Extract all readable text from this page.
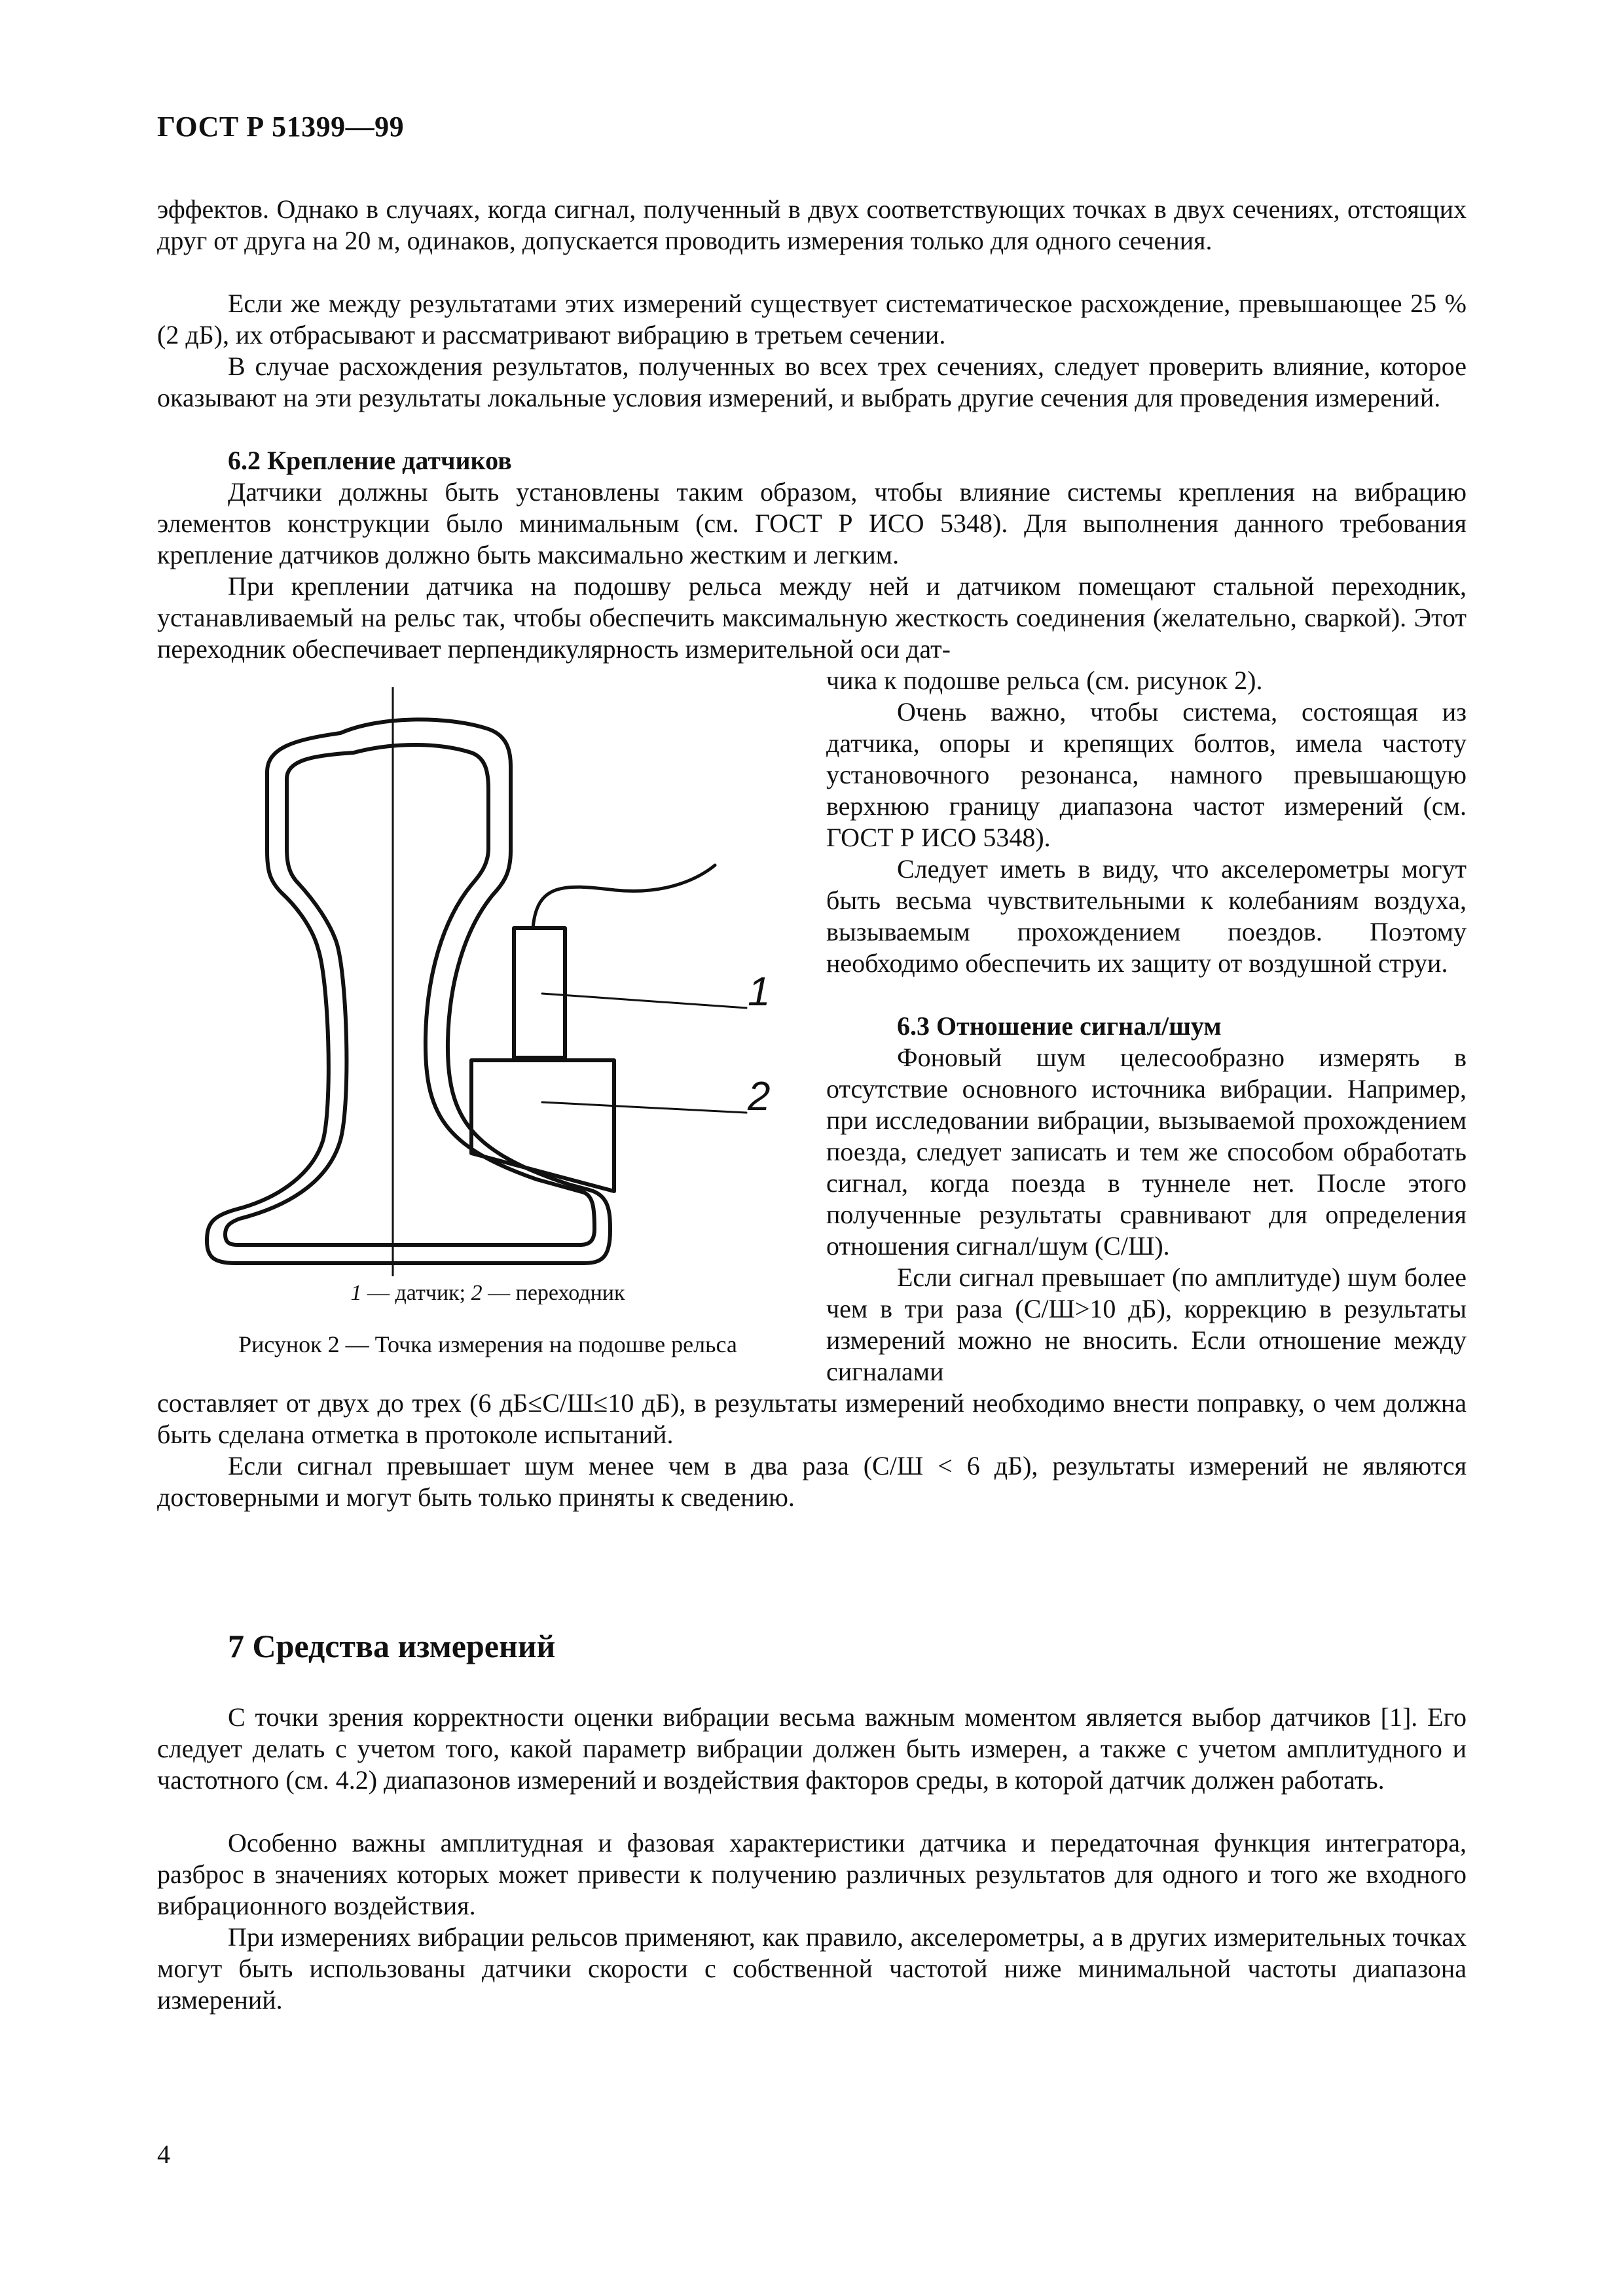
ГОСТ Р 51399—99

эффектов. Однако в случаях, когда сигнал, полученный в двух соответствующих точках в двух сечениях, отстоящих друг от друга на 20 м, одинаков, допускается проводить измерения только для одного сечения.

Если же между результатами этих измерений существует систематическое расхождение, превышающее 25 % (2 дБ), их отбрасывают и рассматривают вибрацию в третьем сечении.

В случае расхождения результатов, полученных во всех трех сечениях, следует проверить влияние, которое оказывают на эти результаты локальные условия измерений, и выбрать другие сечения для проведения измерений.

6.2 Крепление датчиков

Датчики должны быть установлены таким образом, чтобы влияние системы крепления на вибрацию элементов конструкции было минимальным (см. ГОСТ Р ИСО 5348). Для выполнения данного требования крепление датчиков должно быть максимально жестким и легким.

При креплении датчика на подошву рельса между ней и датчиком помещают стальной переходник, устанавливаемый на рельс так, чтобы обеспечить максимальную жесткость соединения (желательно, сваркой). Этот переходник обеспечивает перпендикулярность измерительной оси дат-

чика к подошве рельса (см. рисунок 2).

Очень важно, чтобы система, состоящая из датчика, опоры и крепящих болтов, имела частоту установочного резонанса, намного превышающую верхнюю границу диапазона частот измерений (см. ГОСТ Р ИСО 5348).

Следует иметь в виду, что акселерометры могут быть весьма чувствительными к колебаниям воздуха, вызываемым прохождением поездов. Поэтому необходимо обеспечить их защиту от воздушной струи.

6.3 Отношение сигнал/шум

Фоновый шум целесообразно измерять в отсутствие основного источника вибрации. Например, при исследовании вибрации, вызываемой прохождением поезда, следует записать и тем же способом обработать сигнал, когда поезда в туннеле нет. После этого полученные результаты сравнивают для определения отношения сигнал/шум (С/Ш).

Если сигнал превышает (по амплитуде) шум более чем в три раза (С/Ш>10 дБ), коррекцию в результаты измерений можно не вносить. Если отношение между сигналами

составляет от двух до трех (6 дБ≤С/Ш≤10 дБ), в результаты измерений необходимо внести поправку, о чем должна быть сделана отметка в протоколе испытаний.

Если сигнал превышает шум менее чем в два раза (С/Ш < 6 дБ), результаты измерений не являются достоверными и могут быть только приняты к сведению.

7 Средства измерений

С точки зрения корректности оценки вибрации весьма важным моментом является выбор датчиков [1]. Его следует делать с учетом того, какой параметр вибрации должен быть измерен, а также с учетом амплитудного и частотного (см. 4.2) диапазонов измерений и воздействия факторов среды, в которой датчик должен работать.

Особенно важны амплитудная и фазовая характеристики датчика и передаточная функция интегратора, разброс в значениях которых может привести к получению различных результатов для одного и того же входного вибрационного воздействия.

При измерениях вибрации рельсов применяют, как правило, акселерометры, а в других измерительных точках могут быть использованы датчики скорости с собственной частотой ниже минимальной частоты диапазона измерений.

1
2
1 — датчик; 2 — переходник
Рисунок 2 — Точка измерения на подошве рельса
4
